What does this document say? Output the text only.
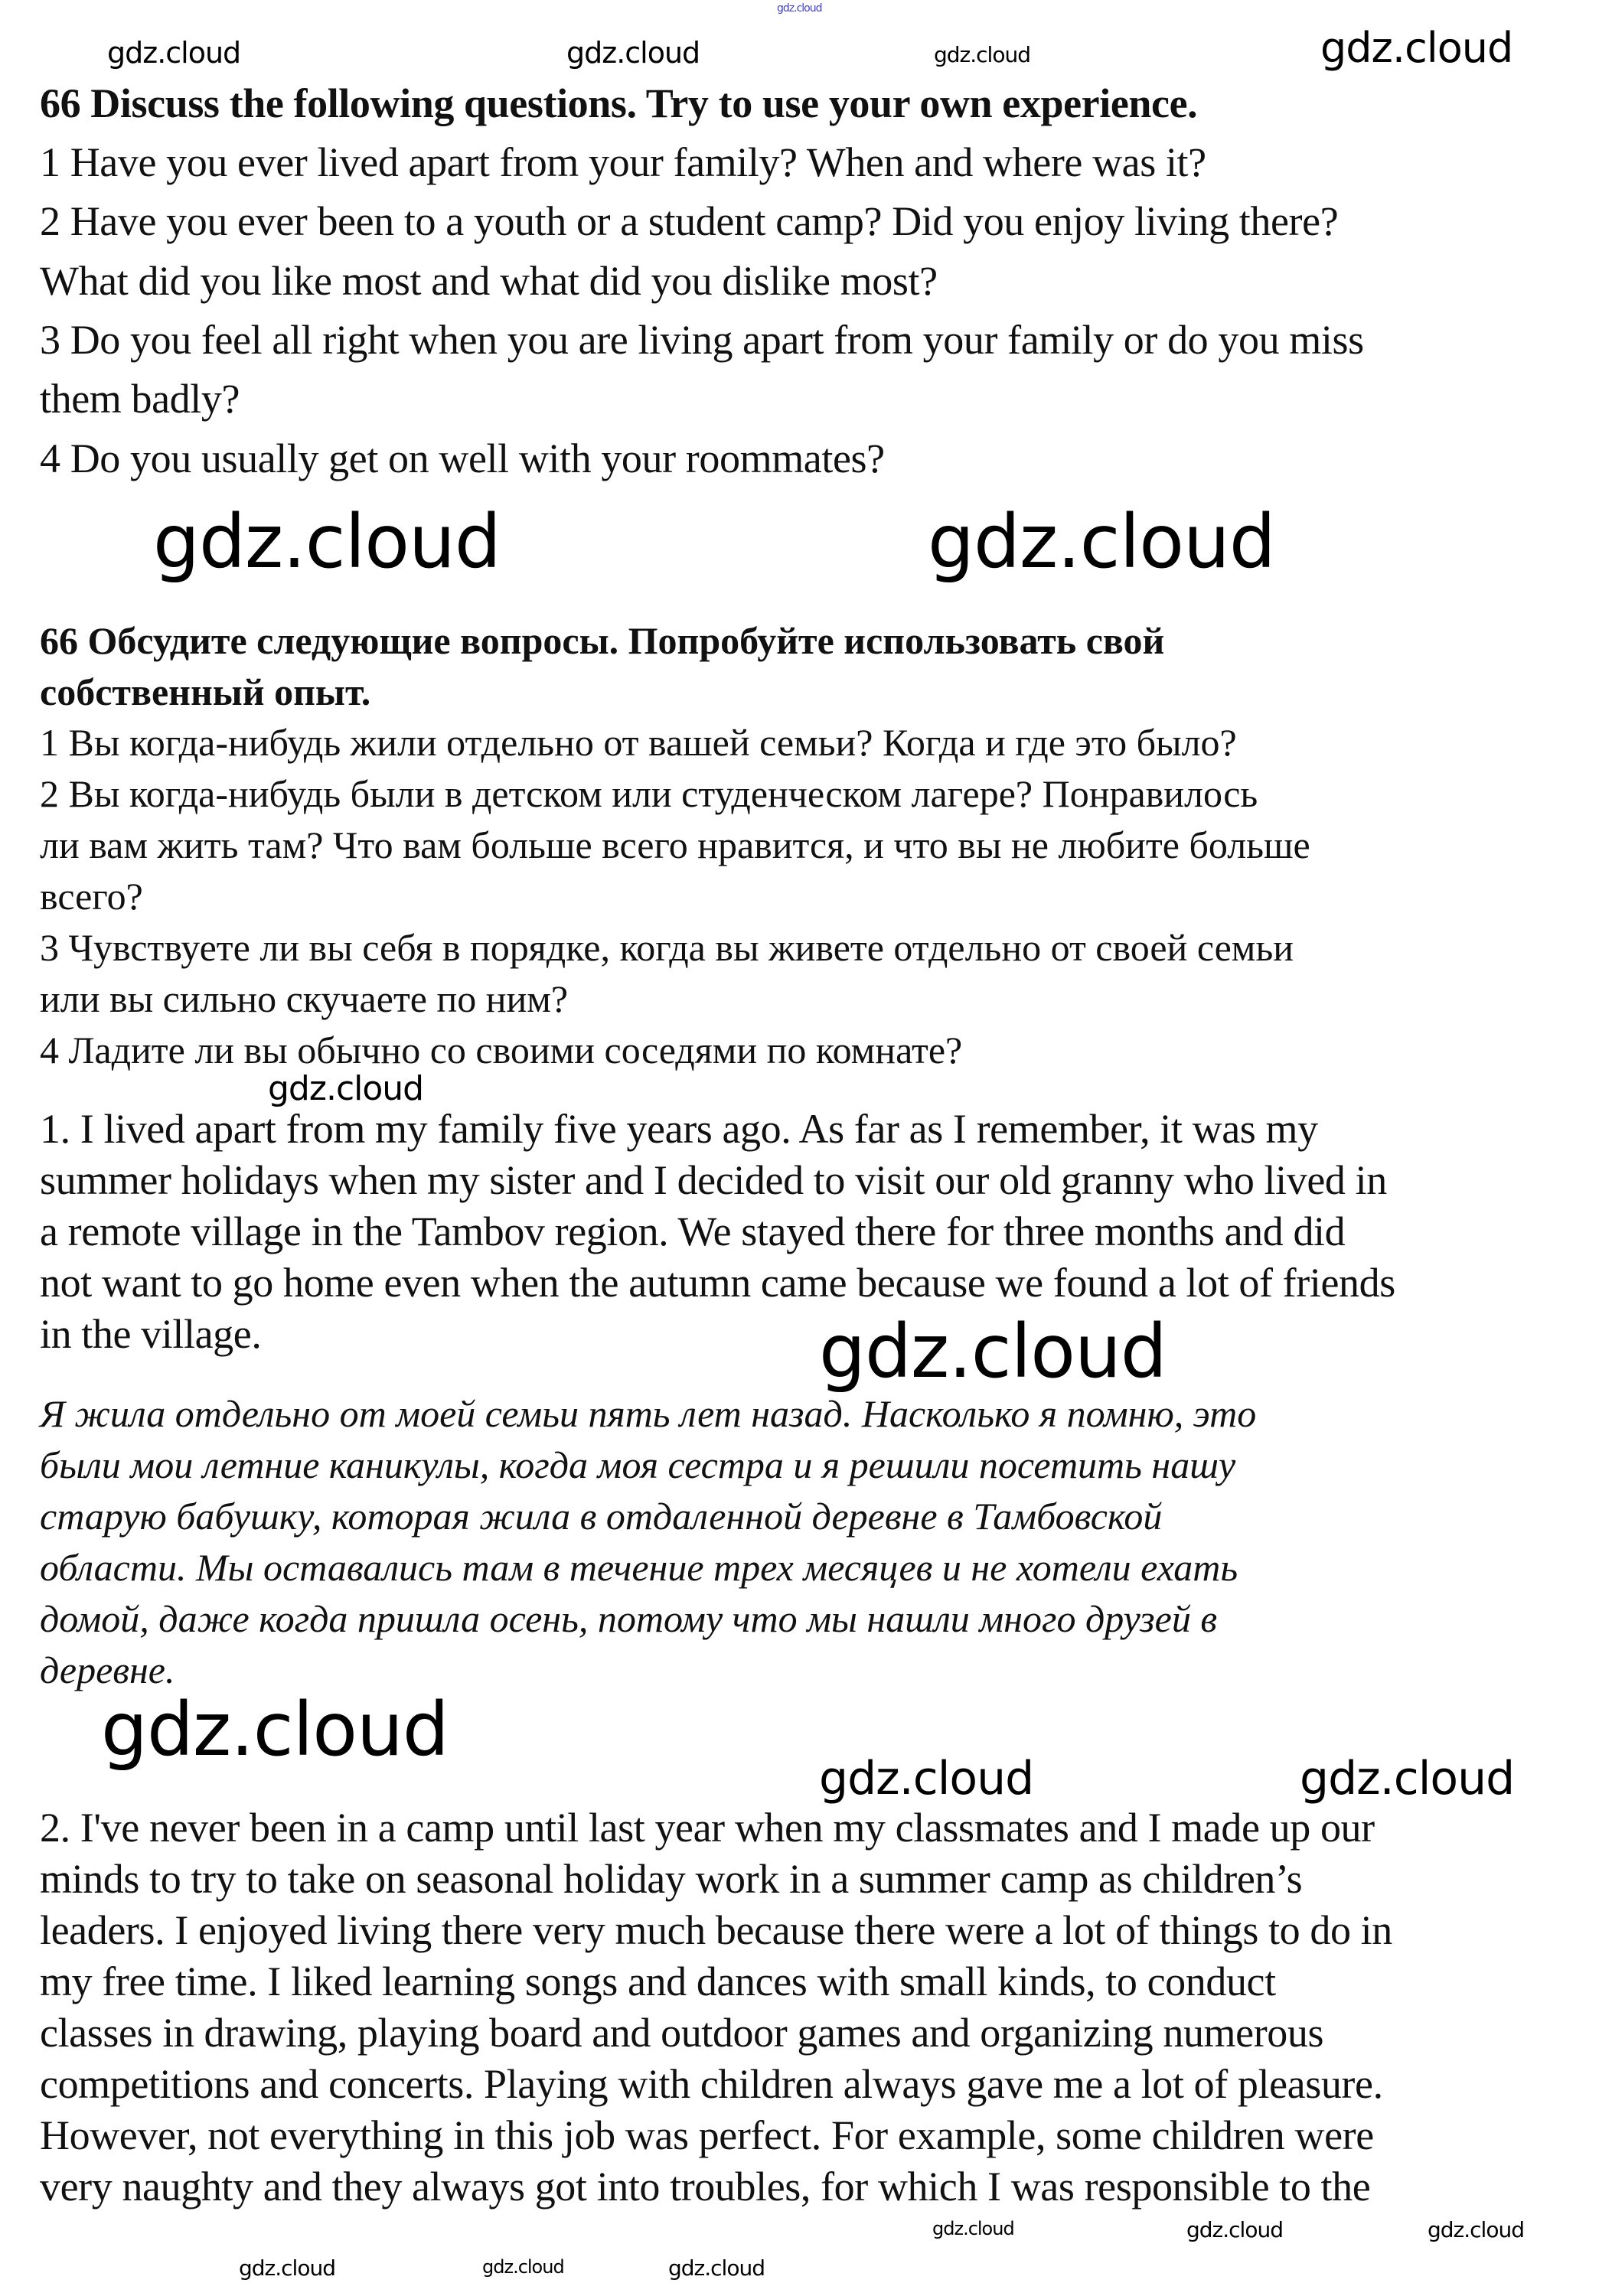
66 Discuss the following questions. Try to use your own experience.
1 Have you ever lived apart from your family? When and where was it?
2 Have you ever been to a youth or a student camp? Did you enjoy living there?
What did you like most and what did you dislike most?
3 Do you feel all right when you are living apart from your family or do you miss
them badly?
4 Do you usually get on well with your roommates?
66 Обсудите следующие вопросы. Попробуйте использовать свой
собственный опыт.
1 Вы когда-нибудь жили отдельно от вашей семьи? Когда и где это было?
2 Вы когда-нибудь были в детском или студенческом лагере? Понравилось
ли вам жить там? Что вам больше всего нравится, и что вы не любите больше
всего?
3 Чувствуете ли вы себя в порядке, когда вы живете отдельно от своей семьи
или вы сильно скучаете по ним?
4 Ладите ли вы обычно со своими соседями по комнате?
1. I lived apart from my family five years ago. As far as I remember, it was my
summer holidays when my sister and I decided to visit our old granny who lived in
a remote village in the Tambov region. We stayed there for three months and did
not want to go home even when the autumn came because we found a lot of friends
in the village.
Я жила отдельно от моей семьи пять лет назад. Насколько я помню, это
были мои летние каникулы, когда моя сестра и я решили посетить нашу
старую бабушку, которая жила в отдаленной деревне в Тамбовской
области. Мы оставались там в течение трех месяцев и не хотели ехать
домой, даже когда пришла осень, потому что мы нашли много друзей в
деревне.
2. I've never been in a camp until last year when my classmates and I made up our
minds to try to take on seasonal holiday work in a summer camp as children’s
leaders. I enjoyed living there very much because there were a lot of things to do in
my free time. I liked learning songs and dances with small kinds, to conduct
classes in drawing, playing board and outdoor games and organizing numerous
competitions and concerts. Playing with children always gave me a lot of pleasure.
However, not everything in this job was perfect. For example, some children were
very naughty and they always got into troubles, for which I was responsible to the
gdz.cloud
gdz.cloud	gdz.cloud	gdz.cloud	gdz.cloud
gdz.cloud	gdz.cloud
gdz.cloud
gdz.cloud
gdz.cloud
gdz.cloud	gdz.cloud
gdz.cloud	gdz.cloud	gdz.cloud
gdz.cloud	gdz.cloud	gdz.cloud
